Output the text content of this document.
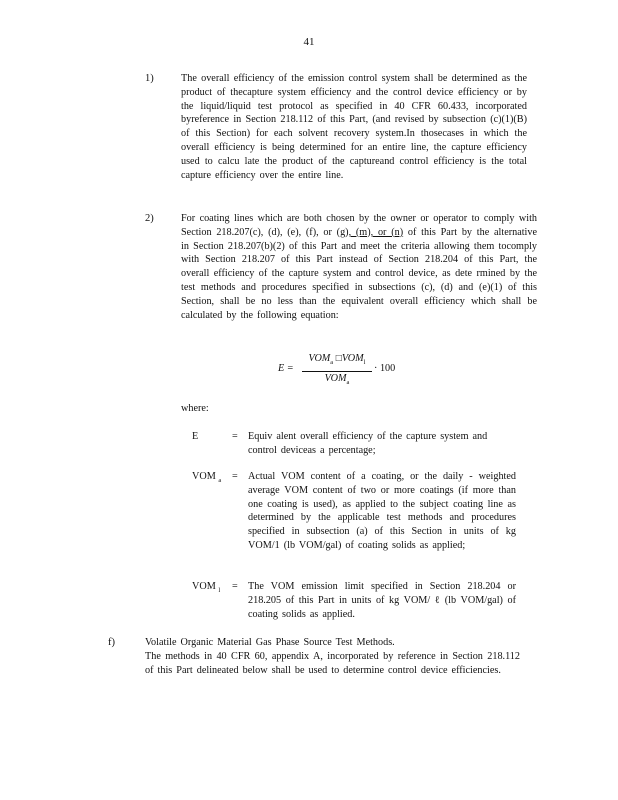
41
1)	The overall efficiency of the emission control system shall be determined as the product of thecapture system efficiency and the control device efficiency or by the liquid/liquid test protocol as specified in 40 CFR 60.433, incorporated byreference in Section 218.112 of this Part, (and revised by subsection (c)(1)(B) of this Section) for each solvent recovery system.In thosecases in which the overall efficiency is being determined for an entire line, the capture efficiency used to calcu late the product of the captureand control efficiency is the total capture efficiency over the entire line.
2)	For coating lines which are both chosen by the owner or operator to comply with Section 218.207(c), (d), (e), (f), or (g), (m), or (n) of this Part by the alternative in Section 218.207(b)(2) of this Part and meet the criteria allowing them tocomply with Section 218.207 of this Part instead of Section 218.204 of this Part, the overall efficiency of the capture system and control device, as dete rmined by the test methods and procedures specified in subsections (c), (d) and (e)(1) of this Section, shall be no less than the equivalent overall efficiency which shall be calculated by the following equation:
E =
$VOM_a$ $□VOM_l$
$VOM_a$
· 100
where:
E	= Equiv alent overall efficiency of the capture system and control deviceas a percentage;
VOM $_a$ = Actual VOM content of a coating, or the daily - weighted average VOM content of two or more coatings (if more than one coating is used), as applied to the subject coating line as determined by the applicable test methods and procedures specified in subsection (a) of this Section in units of kg VOM/1 (lb VOM/gal) of coating solids as applied;
VOM $_l$ = The VOM emission limit specified in Section 218.204 or 218.205 of this Part in units of kg VOM/ ℓ (lb VOM/gal) of coating solids as applied.
f)	Volatile Organic Material Gas Phase Source Test Methods.
The methods in 40 CFR 60, appendix A, incorporated by reference in Section 218.112 of this Part delineated below shall be used to determine control device efficiencies.
